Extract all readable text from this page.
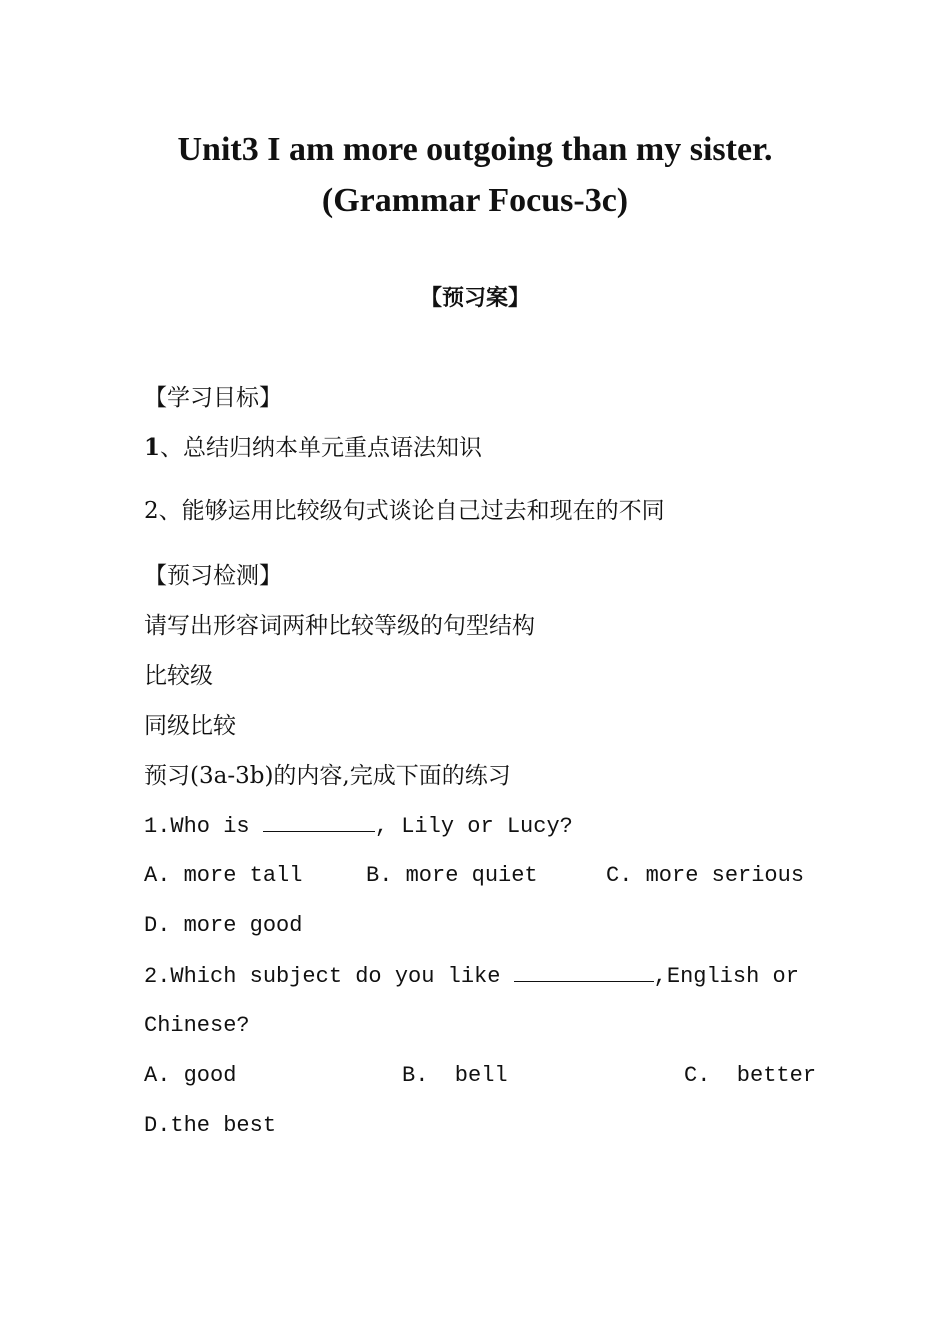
Unit3 I am more outgoing than my sister.
(Grammar Focus-3c)
【预习案】
【学习目标】
1、总结归纳本单元重点语法知识
2、能够运用比较级句式谈论自己过去和现在的不同
【预习检测】
请写出形容词两种比较等级的句型结构
比较级
同级比较
预习(3a-3b)的内容,完成下面的练习
1.Who is	, Lily or Lucy?
A. more tall	B. more quiet	C. more serious
D. more good
2.Which subject do you like	,English or
Chinese?
A. good	B.  bell	C.  better
D.the best
